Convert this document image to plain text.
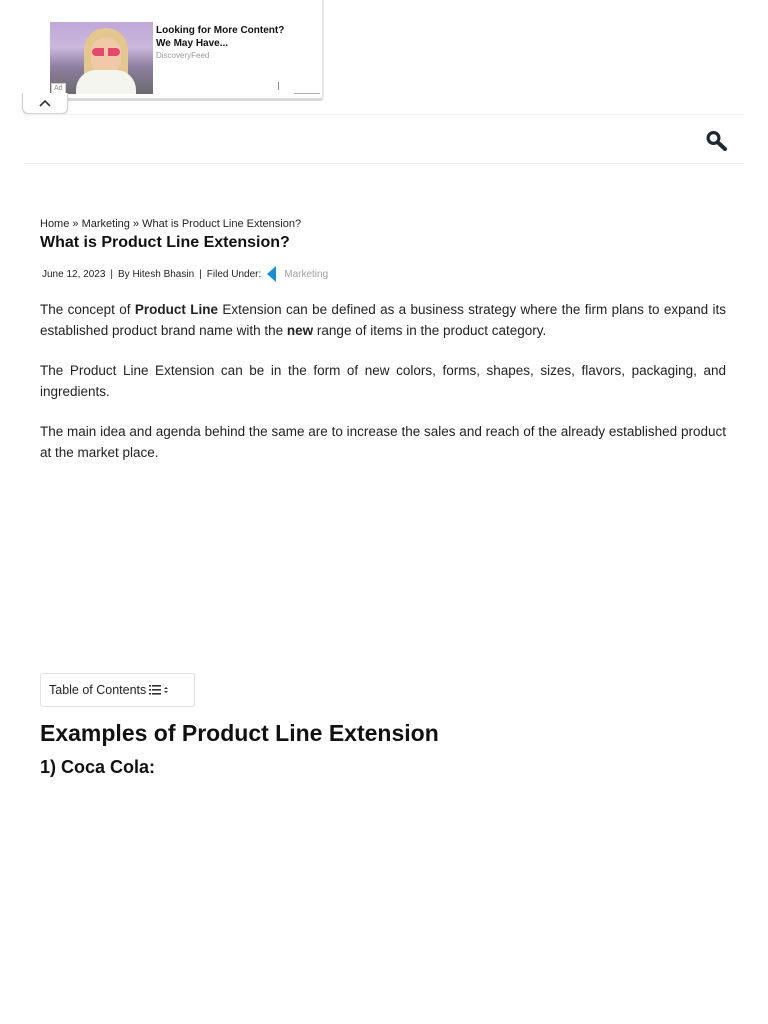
Ad
Looking for More Content? We May Have...
DiscoveryFeed
Home » Marketing » What is Product Line Extension?
What is Product Line Extension?
June 12, 2023 | By Hitesh Bhasin | Filed Under: Marketing

The concept of Product Line Extension can be defined as a business strategy where the firm plans to expand its established product brand name with the new range of items in the product category.

The Product Line Extension can be in the form of new colors, forms, shapes, sizes, flavors, packaging, and ingredients.

The main idea and agenda behind the same are to increase the sales and reach of the already established product at the market place.

Table of Contents
Examples of Product Line Extension
1) Coca Cola:
